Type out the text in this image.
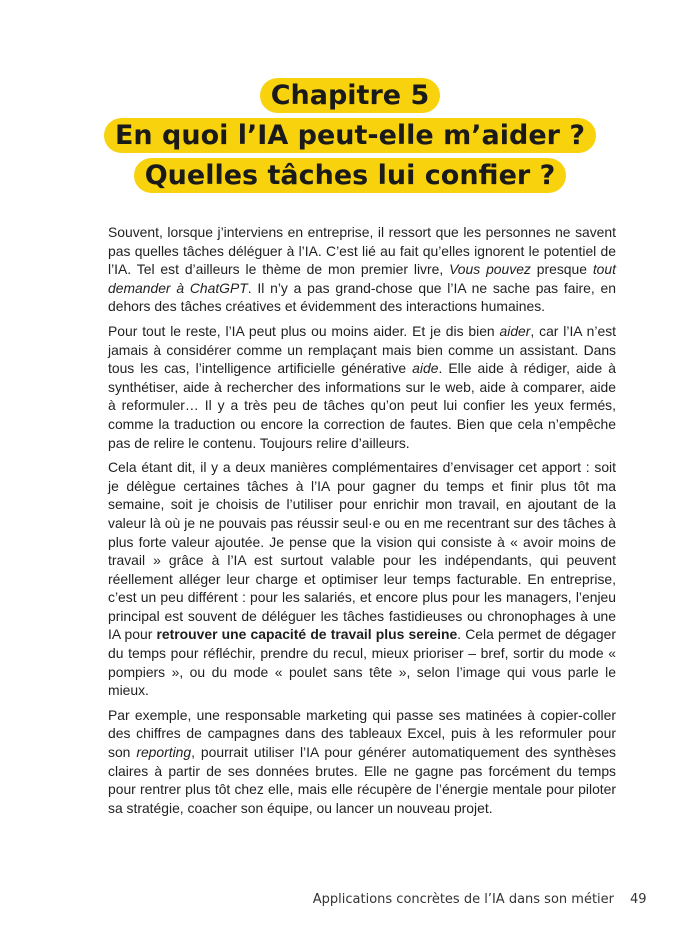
Chapitre 5
En quoi l’IA peut-elle m’aider ?
Quelles tâches lui confier ?

Souvent, lorsque j’interviens en entreprise, il ressort que les personnes ne savent pas quelles tâches déléguer à l’IA. C’est lié au fait qu’elles ignorent le potentiel de l’IA. Tel est d’ailleurs le thème de mon premier livre, Vous pouvez presque tout demander à ChatGPT. Il n’y a pas grand-chose que l’IA ne sache pas faire, en dehors des tâches créatives et évidemment des interactions humaines.

Pour tout le reste, l’IA peut plus ou moins aider. Et je dis bien aider, car l’IA n’est jamais à considérer comme un remplaçant mais bien comme un assistant. Dans tous les cas, l’intelligence artificielle générative aide. Elle aide à rédiger, aide à synthétiser, aide à rechercher des informations sur le web, aide à comparer, aide à reformuler… Il y a très peu de tâches qu’on peut lui confier les yeux fermés, comme la traduction ou encore la correction de fautes. Bien que cela n’empêche pas de relire le contenu. Toujours relire d’ailleurs.

Cela étant dit, il y a deux manières complémentaires d’envisager cet apport : soit je délègue certaines tâches à l’IA pour gagner du temps et finir plus tôt ma semaine, soit je choisis de l’utiliser pour enrichir mon travail, en ajoutant de la valeur là où je ne pouvais pas réussir seul·e ou en me recentrant sur des tâches à plus forte valeur ajoutée. Je pense que la vision qui consiste à « avoir moins de travail » grâce à l’IA est surtout valable pour les indépendants, qui peuvent réellement alléger leur charge et optimiser leur temps facturable. En entreprise, c’est un peu différent : pour les salariés, et encore plus pour les managers, l’enjeu principal est souvent de déléguer les tâches fastidieuses ou chronophages à une IA pour retrouver une capacité de travail plus sereine. Cela permet de dégager du temps pour réfléchir, prendre du recul, mieux prioriser – bref, sortir du mode « pompiers », ou du mode « poulet sans tête », selon l’image qui vous parle le mieux.

Par exemple, une responsable marketing qui passe ses matinées à copier-coller des chiffres de campagnes dans des tableaux Excel, puis à les reformuler pour son reporting, pourrait utiliser l’IA pour générer automatiquement des synthèses claires à partir de ses données brutes. Elle ne gagne pas forcément du temps pour rentrer plus tôt chez elle, mais elle récupère de l’énergie mentale pour piloter sa stratégie, coacher son équipe, ou lancer un nouveau projet.

Applications concrètes de l’IA dans son métier 49
